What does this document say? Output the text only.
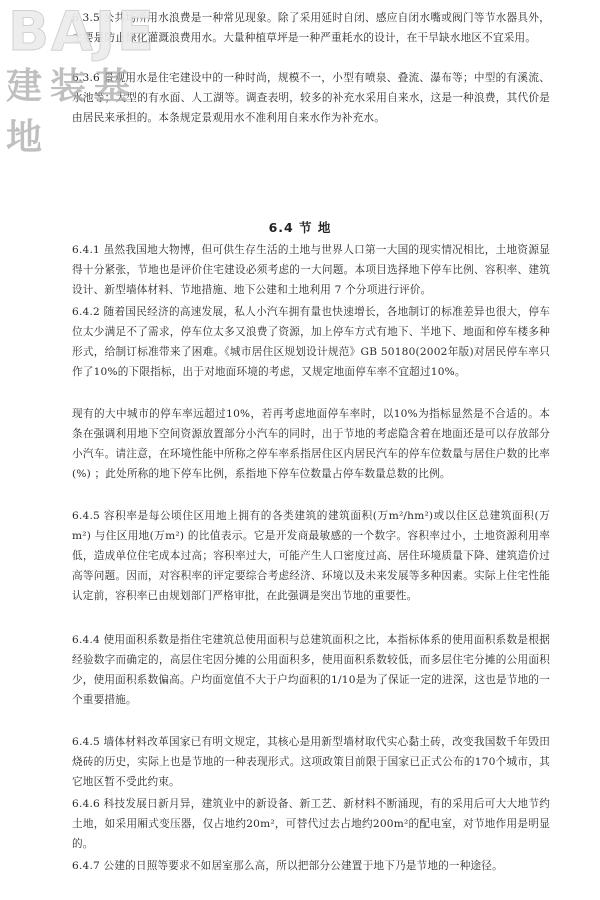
6.3.5 公共场所用水浪费是一种常见现象。除了采用延时自闭、感应自闭水嘴或阀门等节水器具外，主要是防止绿化灌溉浪费用水。大量种植草坪是一种严重耗水的设计，在干旱缺水地区不宜采用。

6.3.6 景观用水是住宅建设中的一种时尚，规模不一，小型有喷泉、叠流、瀑布等；中型的有溪流、水池等；大型的有水面、人工湖等。调查表明，较多的补充水采用自来水，这是一种浪费，其代价是由居民来承担的。本条规定景观用水不准利用自来水作为补充水。

6.4 节 地

6.4.1 虽然我国地大物博，但可供生存生活的土地与世界人口第一大国的现实情况相比，土地资源显得十分紧张，节地也是评价住宅建设必须考虑的一大问题。本项目选择地下停车比例、容积率、建筑设计、新型墙体材料、节地措施、地下公建和土地利用 7 个分项进行评价。

6.4.2 随着国民经济的高速发展，私人小汽车拥有量也快速增长，各地制订的标准差异也很大，停车位太少满足不了需求，停车位太多又浪费了资源，加上停车方式有地下、半地下、地面和停车楼多种形式，给制订标准带来了困难。《城市居住区规划设计规范》GB 50180(2002年版)对居民停车率只作了10%的下限指标，出于对地面环境的考虑，又规定地面停车率不宜超过10%。

现有的大中城市的停车率远超过10%，若再考虑地面停车率时，以10%为指标显然是不合适的。本条在强调利用地下空间资源放置部分小汽车的同时，出于节地的考虑隐含着在地面还是可以存放部分小汽车。请注意，在环境性能中所称之停车率系指居住区内居民汽车的停车位数量与居住户数的比率(%) ；此处所称的地下停车比例，系指地下停车位数量占停车数量总数的比例。

6.4.5 容积率是每公顷住区用地上拥有的各类建筑的建筑面积(万m²/hm²)或以住区总建筑面积(万m²) 与住区用地(万m²) 的比值表示。它是开发商最敏感的一个数字。容积率过小，土地资源利用率低，造成单位住宅成本过高；容积率过大，可能产生人口密度过高、居住环境质量下降、建筑造价过高等问题。因而，对容积率的评定要综合考虑经济、环境以及未来发展等多种因素。实际上住宅性能认定前，容积率已由规划部门严格审批，在此强调是突出节地的重要性。

6.4.4 使用面积系数是指住宅建筑总使用面积与总建筑面积之比，本指标体系的使用面积系数是根据经验数字而确定的，高层住宅因分摊的公用面积多，使用面积系数较低，而多层住宅分摊的公用面积少，使用面积系数偏高。户均面宽值不大于户均面积的1/10是为了保证一定的进深，这也是节地的一个重要措施。

6.4.5 墙体材料改革国家已有明文规定，其核心是用新型墙材取代实心黏土砖，改变我国数千年毁田烧砖的历史，实际上也是节地的一种表现形式。这项政策目前限于国家已正式公布的170个城市，其它地区暂不受此约束。

6.4.6 科技发展日新月异，建筑业中的新设备、新工艺、新材料不断涌现，有的采用后可大大地节约土地，如采用厢式变压器，仅占地约20m²，可替代过去占地约200m²的配电室，对节地作用是明显的。

6.4.7 公建的日照等要求不如居室那么高，所以把部分公建置于地下乃是节地的一种途径。

BAJE
建装基地
